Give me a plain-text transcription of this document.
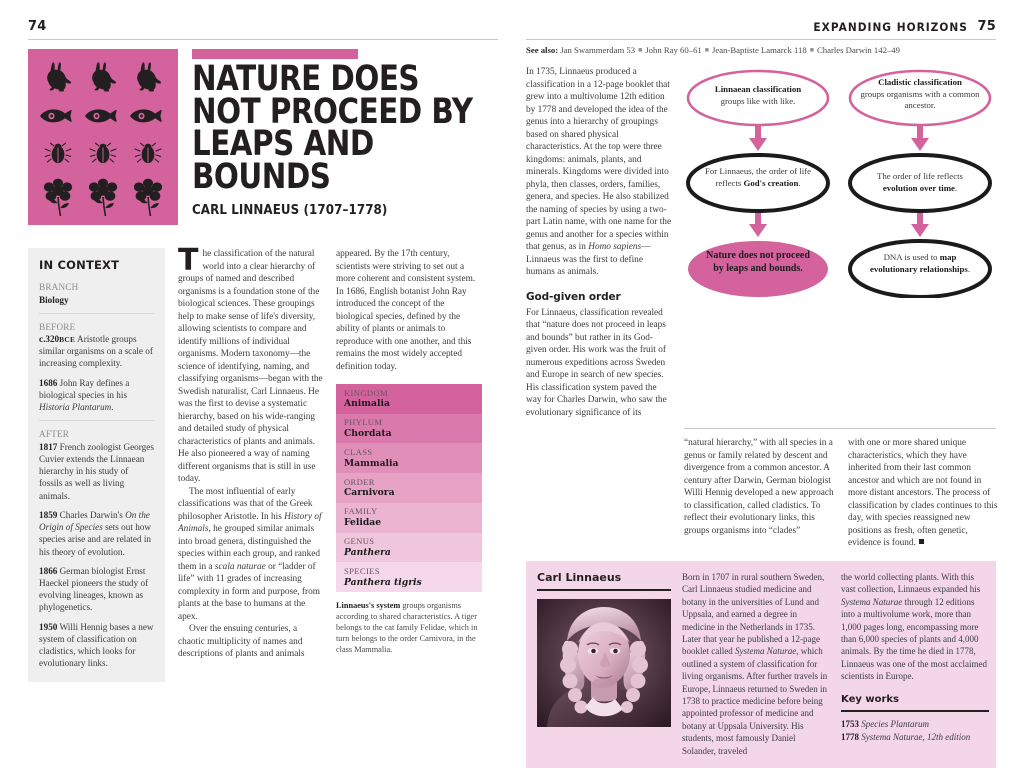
74
NATURE DOES NOT PROCEED BY LEAPS AND BOUNDS
CARL LINNAEUS (1707–1778)
IN CONTEXT
BRANCH
Biology
BEFORE

c.320BCE Aristotle groups similar organisms on a scale of increasing complexity.

1686 John Ray defines a biological species in his Historia Plantarum.

AFTER

1817 French zoologist Georges Cuvier extends the Linnaean hierarchy in his study of fossils as well as living animals.

1859 Charles Darwin's On the Origin of Species sets out how species arise and are related in his theory of evolution.

1866 German biologist Ernst Haeckel pioneers the study of evolving lineages, known as phylogenetics.

1950 Willi Hennig bases a new system of classification on cladistics, which looks for evolutionary links.

The classification of the natural world into a clear hierarchy of groups of named and described organisms is a foundation stone of the biological sciences. These groupings help to make sense of life's diversity, allowing scientists to compare and identify millions of individual organisms. Modern taxonomy—the science of identifying, naming, and classifying organisms—began with the Swedish naturalist, Carl Linnaeus. He was the first to devise a systematic hierarchy, based on his wide-ranging and detailed study of physical characteristics of plants and animals. He also pioneered a way of naming different organisms that is still in use today.

The most influential of early classifications was that of the Greek philosopher Aristotle. In his History of Animals, he grouped similar animals into broad genera, distinguished the species within each group, and ranked them in a scala naturae or “ladder of life” with 11 grades of increasing complexity in form and purpose, from plants at the base to humans at the apex.

Over the ensuing centuries, a chaotic multiplicity of names and descriptions of plants and animals

appeared. By the 17th century, scientists were striving to set out a more coherent and consistent system. In 1686, English botanist John Ray introduced the concept of the biological species, defined by the ability of plants or animals to reproduce with one another, and this remains the most widely accepted definition today.

KINGDOM
Animalia
PHYLUM
Chordata
CLASS
Mammalia
ORDER
Carnivora
FAMILY
Felidae
GENUS
Panthera
SPECIES
Panthera tigris
Linnaeus's system groups organisms according to shared characteristics. A tiger belongs to the cat family Felidae, which in turn belongs to the order Carnivora, in the class Mammalia.
EXPANDING HORIZONS 75
See also: Jan Swammerdam 53 ■ John Ray 60–61 ■ Jean-Baptiste Lamarck 118 ■ Charles Darwin 142–49

In 1735, Linnaeus produced a classification in a 12-page booklet that grew into a multivolume 12th edition by 1778 and developed the idea of the genus into a hierarchy of groupings based on shared physical characteristics. At the top were three kingdoms: animals, plants, and minerals. Kingdoms were divided into phyla, then classes, orders, families, genera, and species. He also stabilized the naming of species by using a two-part Latin name, with one name for the genus and another for a species within that genus, as in Homo sapiens—Linnaeus was the first to define humans as animals.

God-given order

For Linnaeus, classification revealed that “nature does not proceed in leaps and bounds” but rather in its God-given order. His work was the fruit of numerous expeditions across Sweden and Europe in search of new species. His classification system paved the way for Charles Darwin, who saw the evolutionary significance of its

Linnaean classification
groups like with like.
Cladistic classification
groups organisms with a common ancestor.
For Linnaeus, the order of life reflects God's creation.
The order of life reflects evolution over time.
Nature does not proceed by leaps and bounds.
DNA is used to map evolutionary relationships.

“natural hierarchy,” with all species in a genus or family related by descent and divergence from a common ancestor. A century after Darwin, German biologist Willi Hennig developed a new approach to classification, called cladistics. To reflect their evolutionary links, this groups organisms into “clades”

with one or more shared unique characteristics, which they have inherited from their last common ancestor and which are not found in more distant ancestors. The process of classification by clades continues to this day, with species reassigned new positions as fresh, often genetic, evidence is found.

Carl Linnaeus	Born in 1707 in rural southern Sweden, Carl Linnaeus studied medicine and botany in the universities of Lund and Uppsala, and earned a degree in medicine in the Netherlands in 1735. Later that year he published a 12-page booklet called Systema Naturae, which outlined a system of classification for living organisms. After further travels in Europe, Linnaeus returned to Sweden in 1738 to practice medicine before being appointed professor of medicine and botany at Uppsala University. His students, most famously Daniel Solander, traveled

the world collecting plants. With this vast collection, Linnaeus expanded his Systema Naturae through 12 editions into a multivolume work, more than 1,000 pages long, encompassing more than 6,000 species of plants and 4,000 animals. By the time he died in 1778, Linnaeus was one of the most acclaimed scientists in Europe.

Key works
1753 Species Plantarum
1778 Systema Naturae, 12th edition
